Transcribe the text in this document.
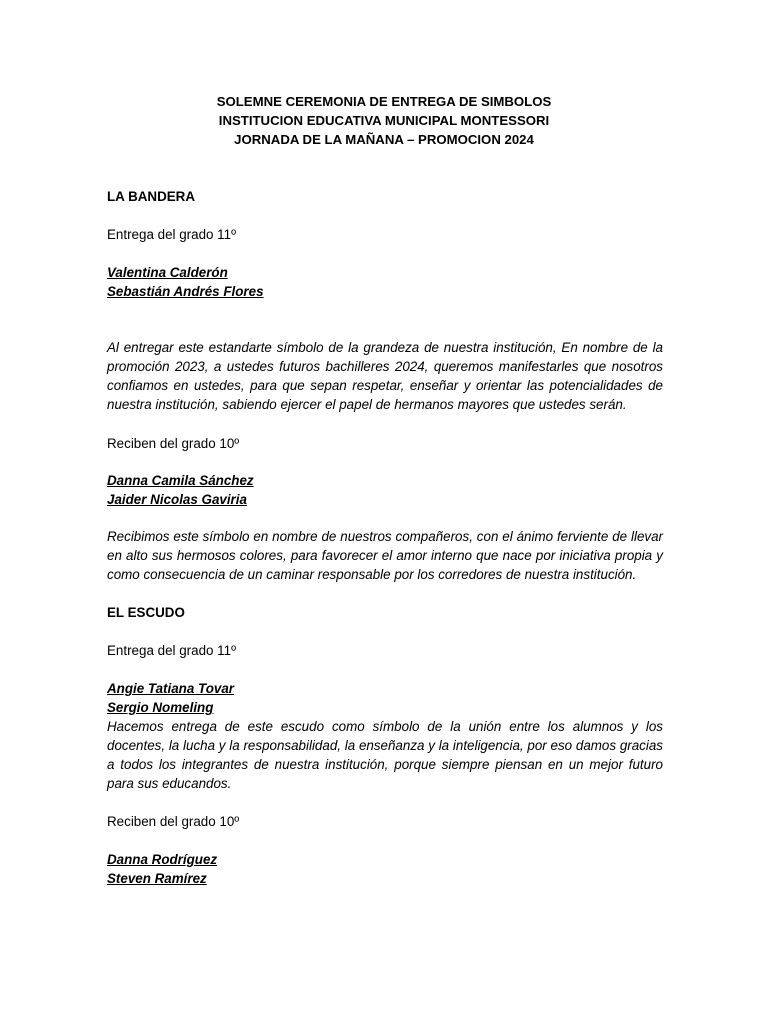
SOLEMNE CEREMONIA DE ENTREGA DE SIMBOLOS
INSTITUCION EDUCATIVA MUNICIPAL MONTESSORI
JORNADA DE LA MAÑANA – PROMOCION 2024
LA BANDERA
Entrega del grado 11º
Valentina Calderón
Sebastián Andrés Flores

Al entregar este estandarte símbolo de la grandeza de nuestra institución, En nombre de la promoción 2023, a ustedes futuros bachilleres 2024, queremos manifestarles que nosotros confiamos en ustedes, para que sepan respetar, enseñar y orientar las potencialidades de nuestra institución, sabiendo ejercer el papel de hermanos mayores que ustedes serán.

Reciben del grado 10º
Danna Camila Sánchez
Jaider Nicolas Gaviria

Recibimos este símbolo en nombre de nuestros compañeros, con el ánimo ferviente de llevar en alto sus hermosos colores, para favorecer el amor interno que nace por iniciativa propia y como consecuencia de un caminar responsable por los corredores de nuestra institución.

EL ESCUDO
Entrega del grado 11º
Angie Tatiana Tovar
Sergio Nomeling

Hacemos entrega de este escudo como símbolo de la unión entre los alumnos y los docentes, la lucha y la responsabilidad, la enseñanza y la inteligencia, por eso damos gracias a todos los integrantes de nuestra institución, porque siempre piensan en un mejor futuro para sus educandos.

Reciben del grado 10º
Danna Rodríguez
Steven Ramírez
